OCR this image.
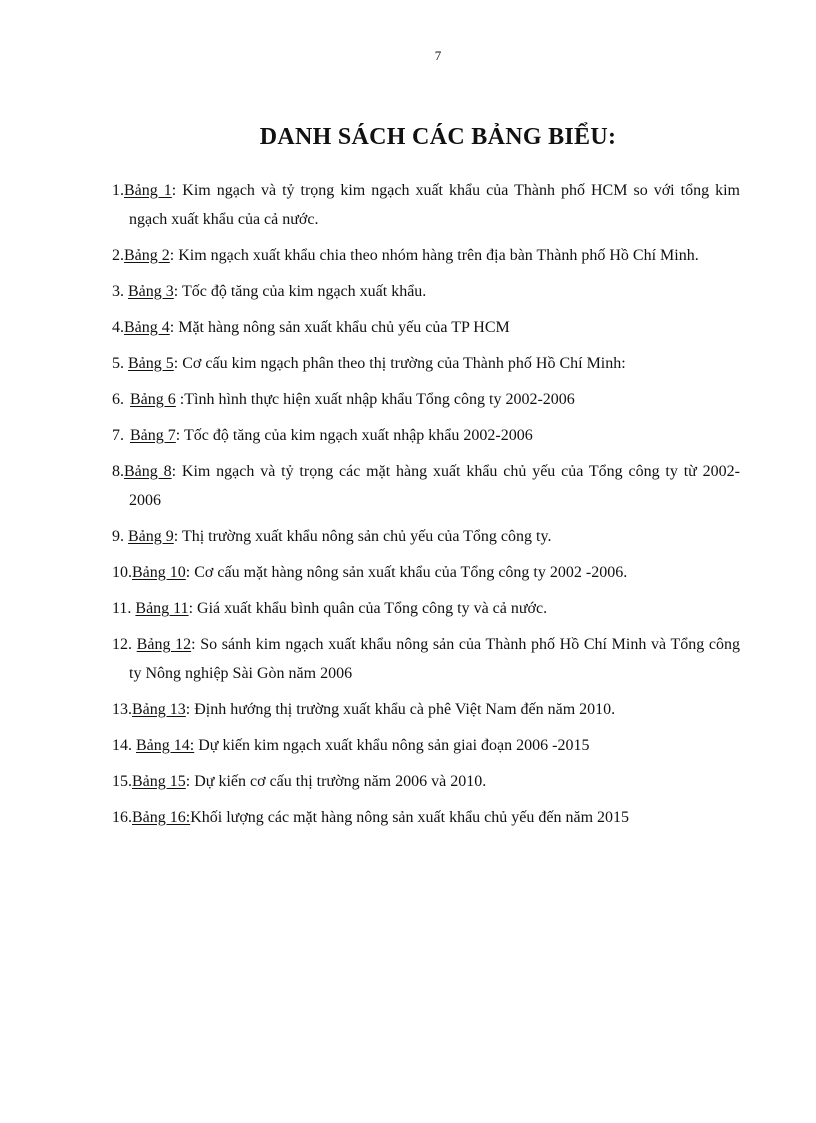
7
DANH SÁCH CÁC BẢNG BIỂU:
1.Bảng 1: Kim ngạch và tỷ trọng kim ngạch xuất khẩu của Thành phố HCM so với tổng kim ngạch xuất khẩu của cả nước.
2.Bảng 2: Kim ngạch xuất khẩu chia theo nhóm hàng trên địa bàn Thành phố Hồ Chí Minh.
3. Bảng 3: Tốc độ tăng của kim ngạch xuất khẩu.
4.Bảng 4: Mặt hàng nông sản xuất khẩu chủ yếu của TP HCM
5. Bảng 5: Cơ cấu kim ngạch phân theo thị trường của Thành phố Hồ Chí Minh:
6. Bảng 6 :Tình hình thực hiện xuất nhập khẩu Tổng công ty 2002-2006
7. Bảng 7: Tốc độ tăng của kim ngạch xuất nhập khẩu 2002-2006
8.Bảng 8: Kim ngạch và tỷ trọng các mặt hàng xuất khẩu chủ yếu của Tổng công ty từ 2002- 2006
9. Bảng 9: Thị trường xuất khẩu nông sản chủ yếu của Tổng công ty.
10.Bảng 10: Cơ cấu mặt hàng nông sản xuất khẩu của Tổng công ty 2002 -2006.
11. Bảng 11: Giá xuất khẩu bình quân của Tổng công ty và cả nước.
12. Bảng 12: So sánh kim ngạch xuất khẩu nông sản của Thành phố Hồ Chí Minh và Tổng công ty Nông nghiệp Sài Gòn năm 2006
13.Bảng 13: Định hướng thị trường xuất khẩu cà phê Việt Nam đến năm 2010.
14. Bảng 14: Dự kiến kim ngạch xuất khẩu nông sản giai đoạn 2006 -2015
15.Bảng 15: Dự kiến cơ cấu thị trường năm 2006 và 2010.
16.Bảng 16:Khối lượng các mặt hàng nông sản xuất khẩu chủ yếu đến năm 2015
